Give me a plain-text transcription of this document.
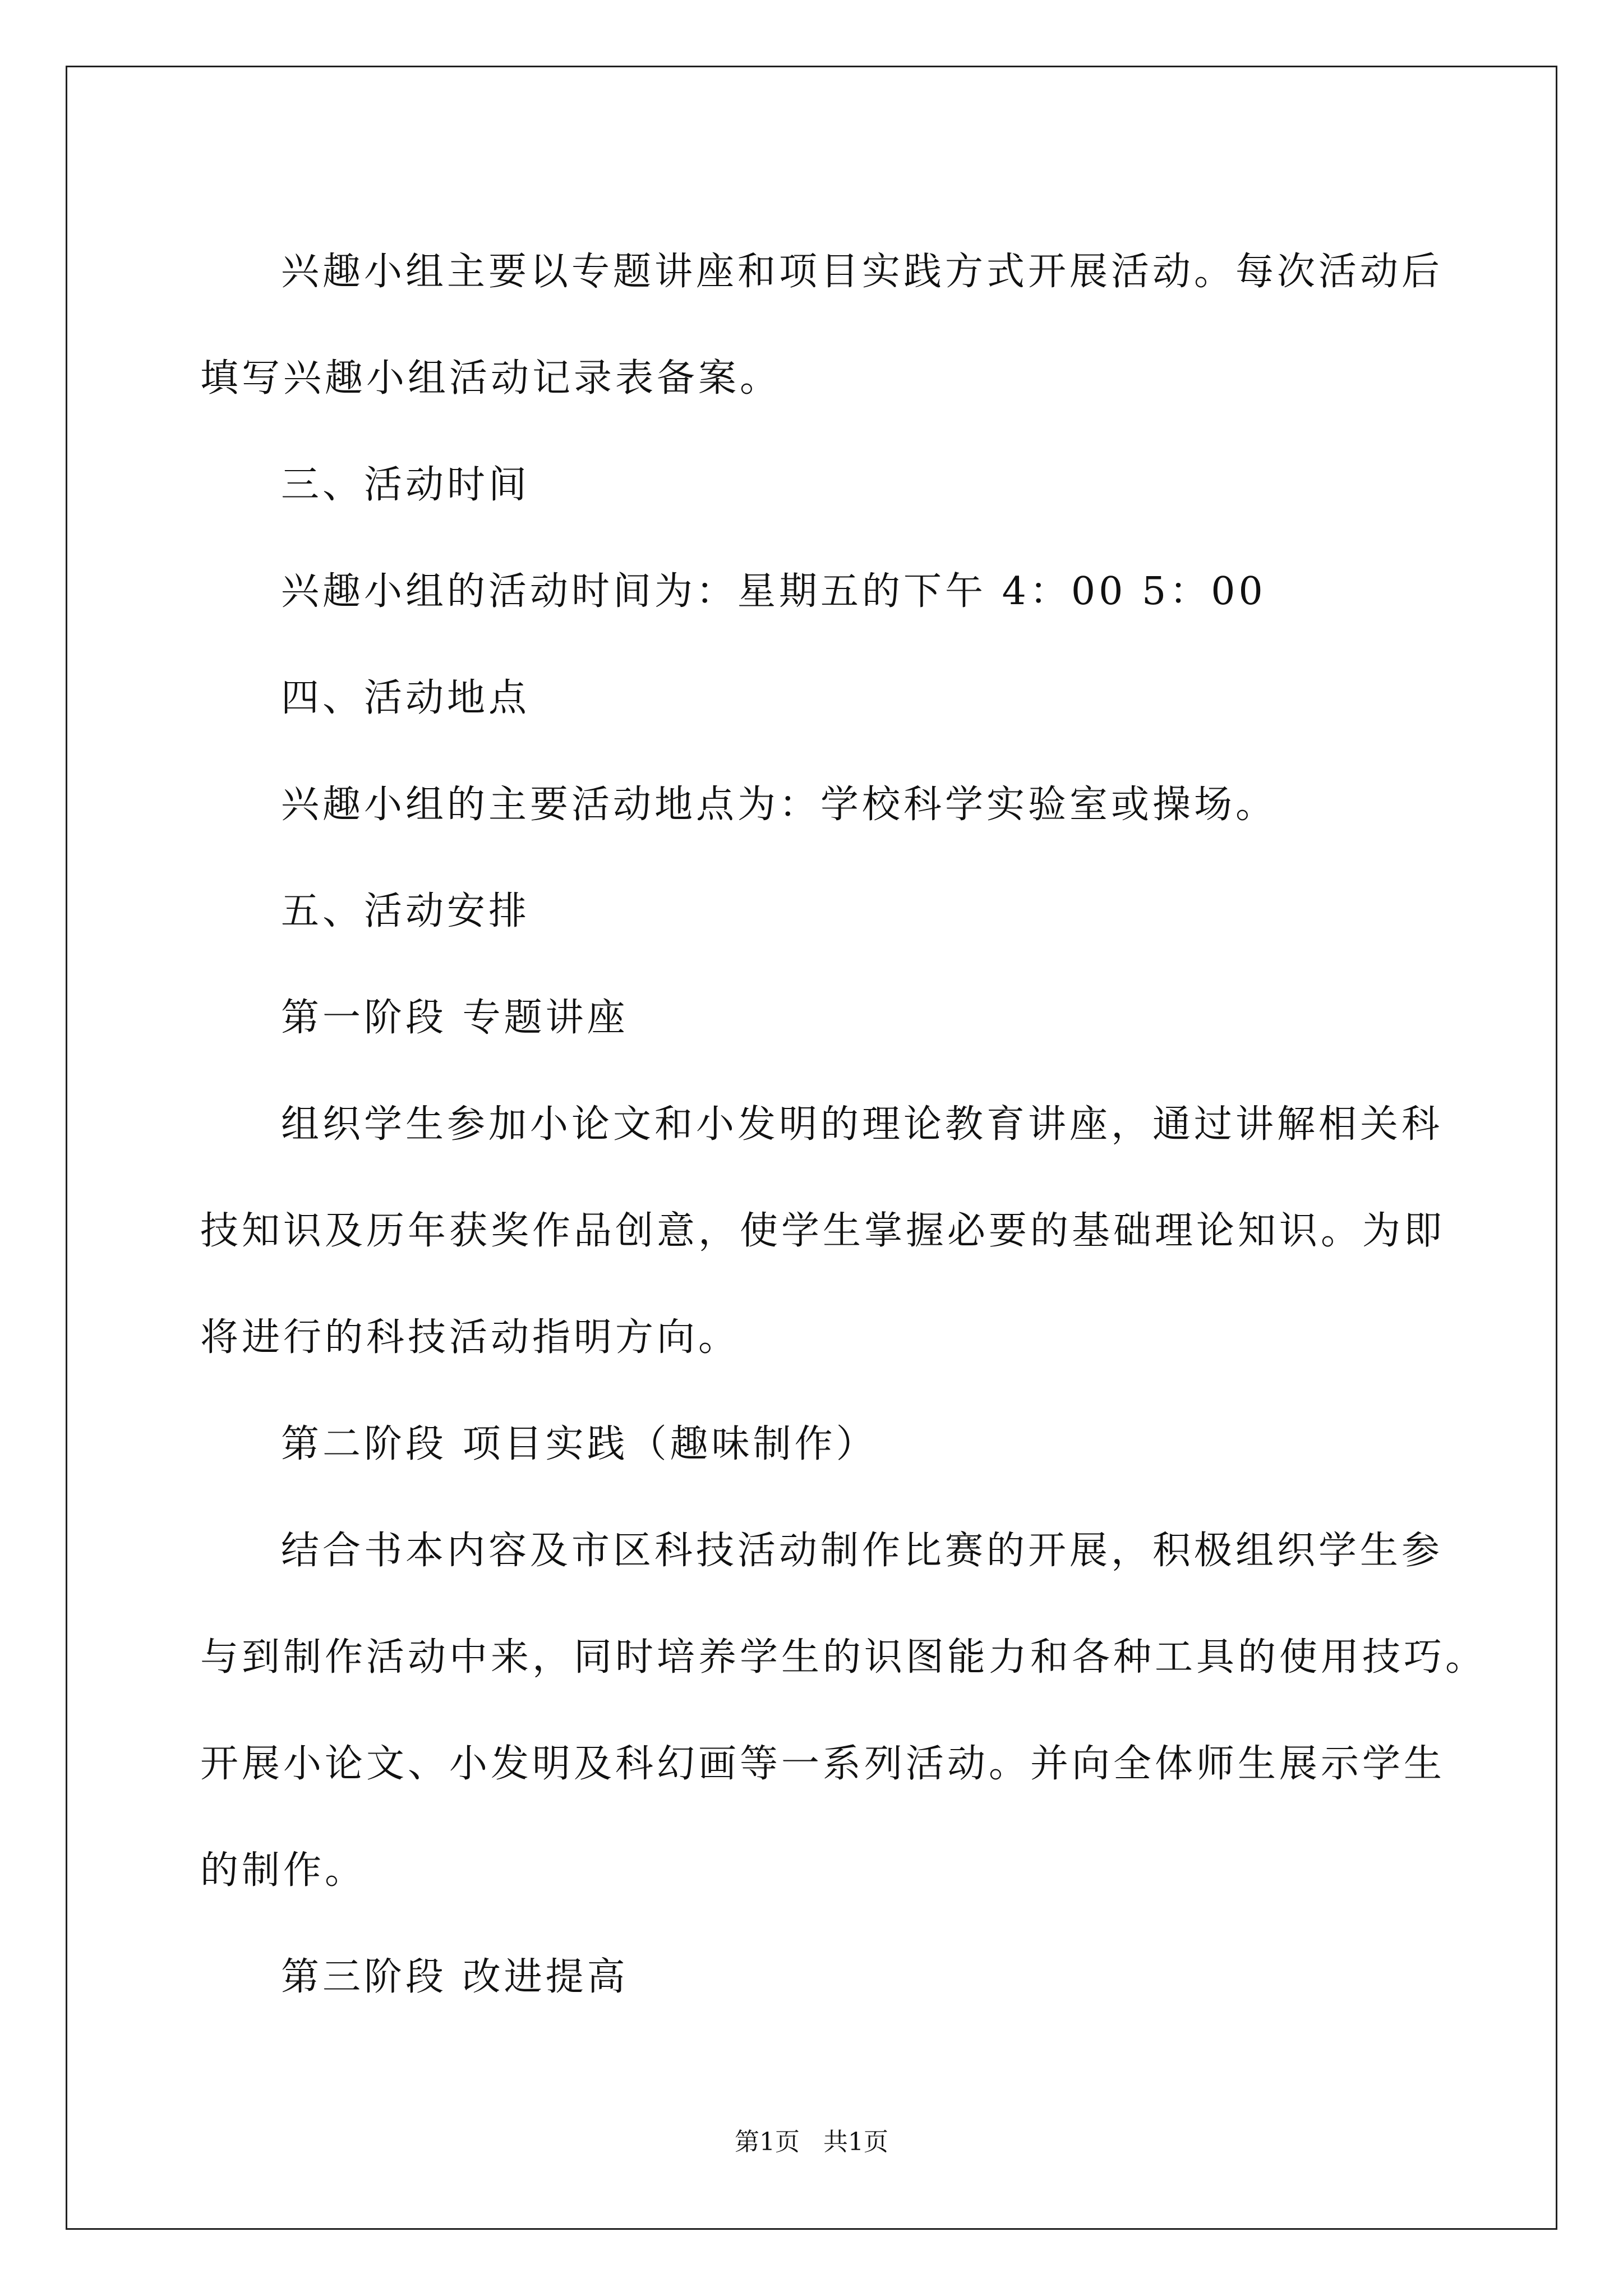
兴趣小组主要以专题讲座和项目实践方式开展活动。每次活动后
填写兴趣小组活动记录表备案。

三、活动时间

兴趣小组的活动时间为：星期五的下午 4：00 5：00

四、活动地点

兴趣小组的主要活动地点为：学校科学实验室或操场。

五、活动安排

第一阶段 专题讲座

组织学生参加小论文和小发明的理论教育讲座，通过讲解相关科
技知识及历年获奖作品创意，使学生掌握必要的基础理论知识。为即
将进行的科技活动指明方向。

第二阶段 项目实践（趣味制作）

结合书本内容及市区科技活动制作比赛的开展，积极组织学生参
与到制作活动中来，同时培养学生的识图能力和各种工具的使用技巧。
开展小论文、小发明及科幻画等一系列活动。并向全体师生展示学生
的制作。

第三阶段 改进提高

第1页 共1页
